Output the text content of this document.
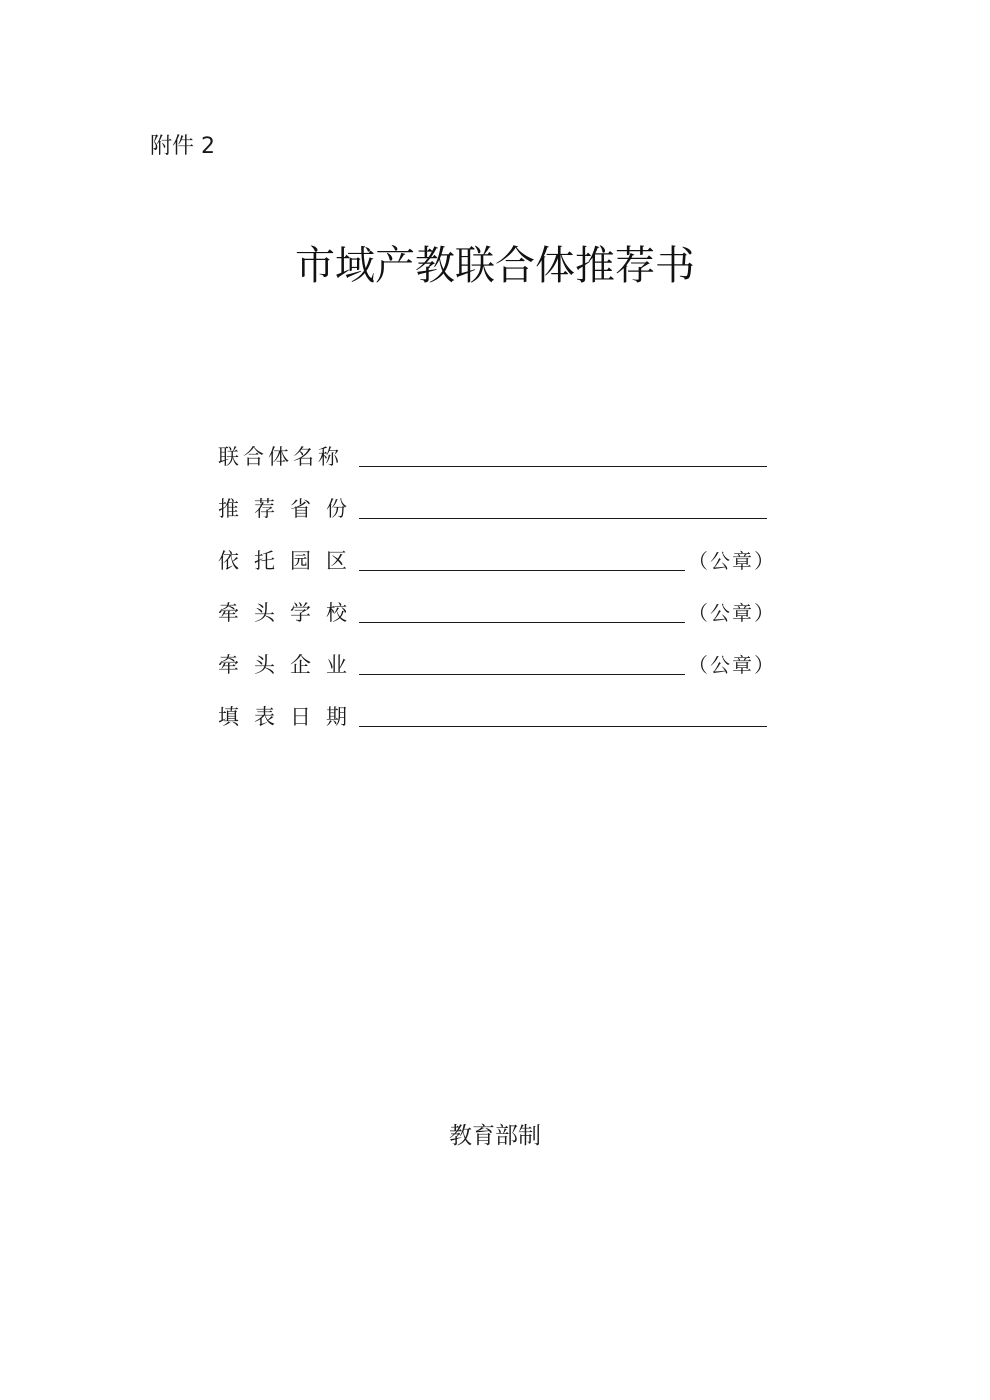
附件 2
市域产教联合体推荐书
联合体名称
推荐省份
依托园区	（公章）
牵头学校	（公章）
牵头企业	（公章）
填表日期
教育部制
